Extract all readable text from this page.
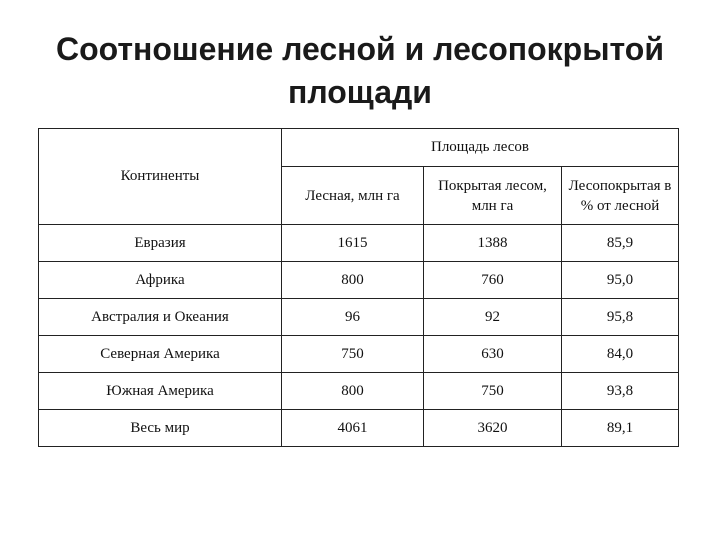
Соотношение лесной и лесопокрытой
площади
Континенты	Площадь лесов		
	Лесная, млн га	Покрытая лесом, млн га	Лесопокрытая в % от лесной
Евразия	1615	1388	85,9
Африка	800	760	95,0
Австралия и Океания	96	92	95,8
Северная Америка	750	630	84,0
Южная Америка	800	750	93,8
Весь мир	4061	3620	89,1
